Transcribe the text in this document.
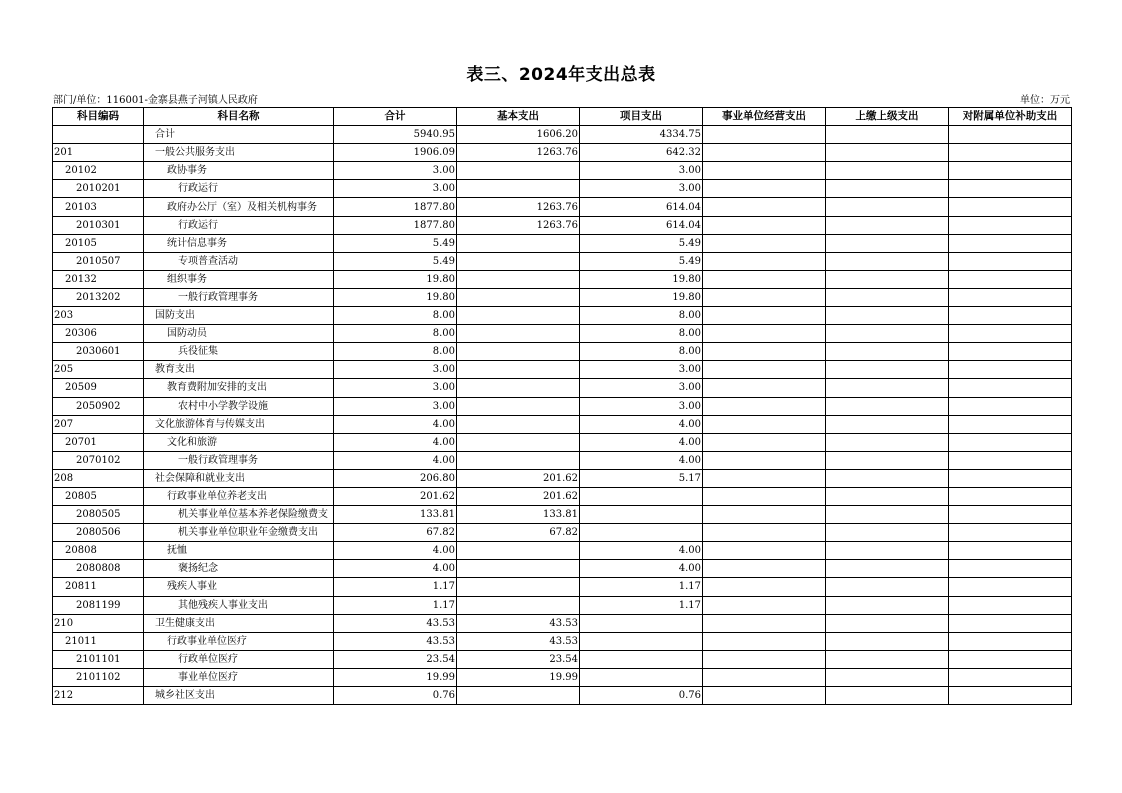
表三、2024年支出总表
部门/单位：116001-金寨县燕子河镇人民政府	单位：万元
科目编码	科目名称	合计	基本支出	项目支出	事业单位经营支出	上缴上级支出	对附属单位补助支出
	合计	5940.95	1606.20	4334.75			
201	一般公共服务支出	1906.09	1263.76	642.32			
20102	政协事务	3.00		3.00			
2010201	行政运行	3.00		3.00			
20103	政府办公厅（室）及相关机构事务	1877.80	1263.76	614.04			
2010301	行政运行	1877.80	1263.76	614.04			
20105	统计信息事务	5.49		5.49			
2010507	专项普查活动	5.49		5.49			
20132	组织事务	19.80		19.80			
2013202	一般行政管理事务	19.80		19.80			
203	国防支出	8.00		8.00			
20306	国防动员	8.00		8.00			
2030601	兵役征集	8.00		8.00			
205	教育支出	3.00		3.00			
20509	教育费附加安排的支出	3.00		3.00			
2050902	农村中小学教学设施	3.00		3.00			
207	文化旅游体育与传媒支出	4.00		4.00			
20701	文化和旅游	4.00		4.00			
2070102	一般行政管理事务	4.00		4.00			
208	社会保障和就业支出	206.80	201.62	5.17			
20805	行政事业单位养老支出	201.62	201.62				
2080505	机关事业单位基本养老保险缴费支	133.81	133.81				
2080506	机关事业单位职业年金缴费支出	67.82	67.82				
20808	抚恤	4.00		4.00			
2080808	褒扬纪念	4.00		4.00			
20811	残疾人事业	1.17		1.17			
2081199	其他残疾人事业支出	1.17		1.17			
210	卫生健康支出	43.53	43.53				
21011	行政事业单位医疗	43.53	43.53				
2101101	行政单位医疗	23.54	23.54				
2101102	事业单位医疗	19.99	19.99				
212	城乡社区支出	0.76		0.76			
